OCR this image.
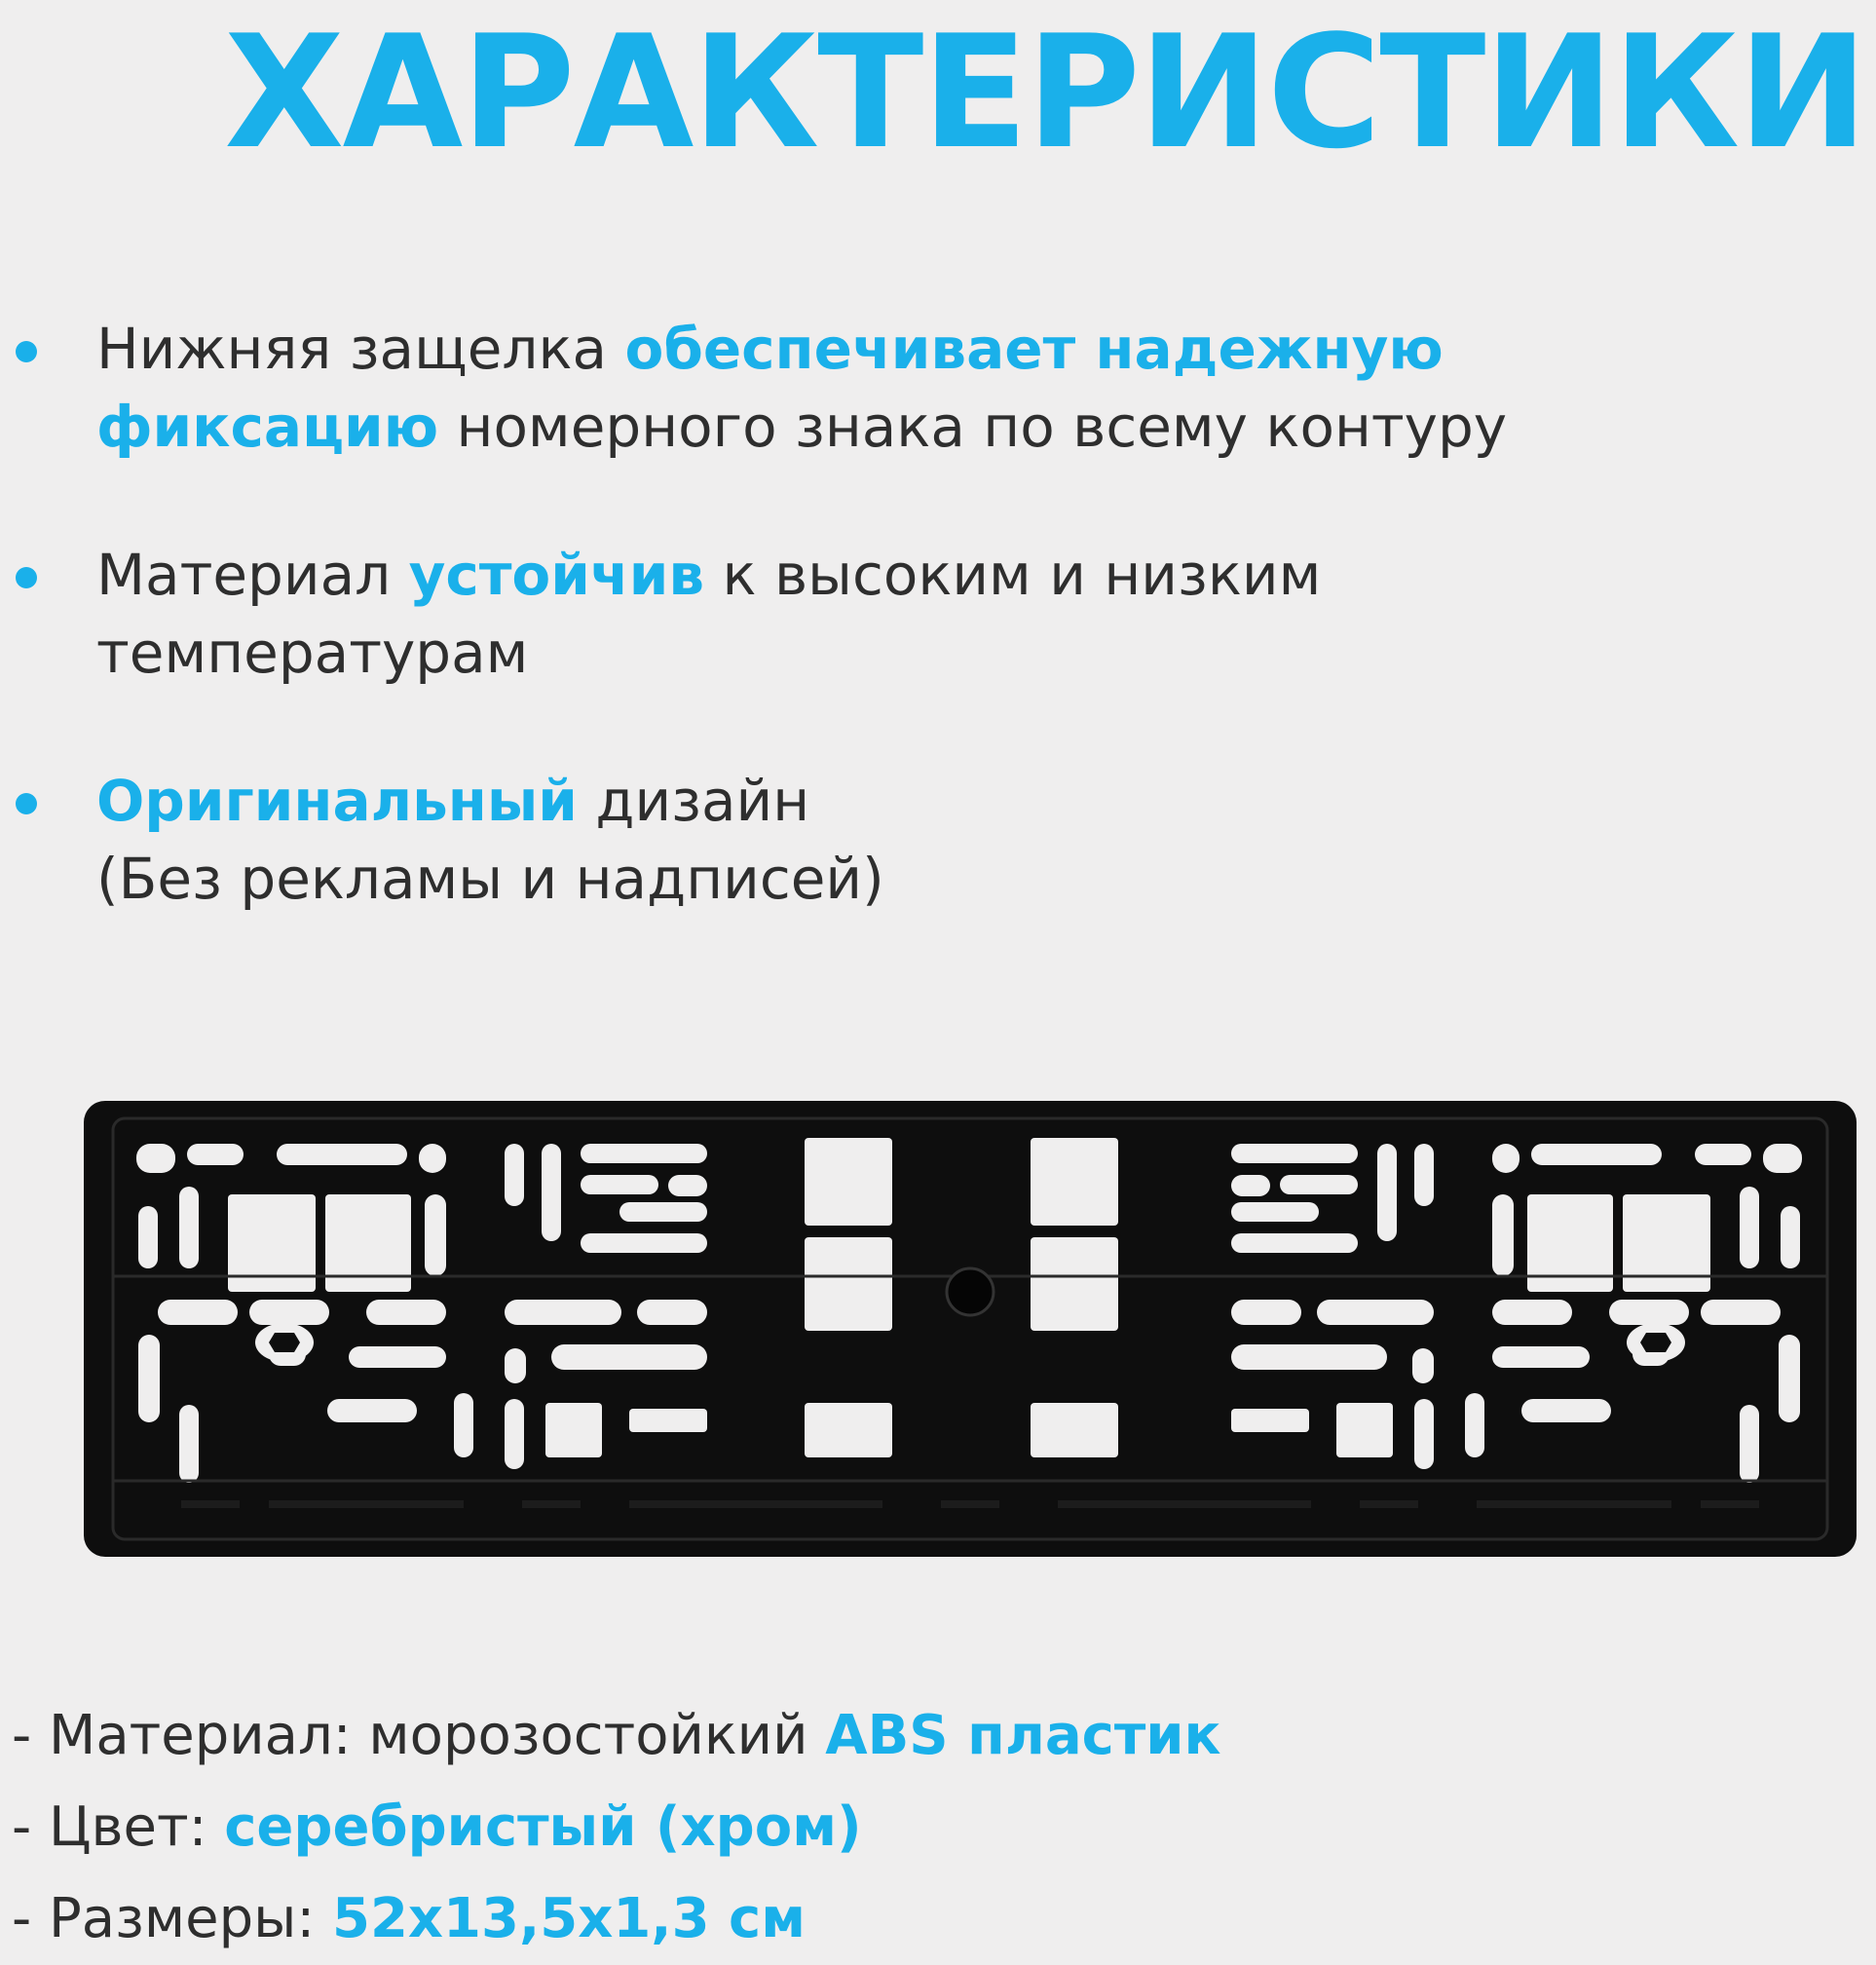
ХАРАКТЕРИСТИКИ
Нижняя защелка обеспечивает надежную фиксацию номерного знака по всему контуру
Материал устойчив к высоким и низким температурам
Оригинальный дизайн (Без рекламы и надписей)
- Материал: морозостойкий ABS пластик
- Цвет: серебристый (хром)
- Размеры: 52x13,5x1,3 см
